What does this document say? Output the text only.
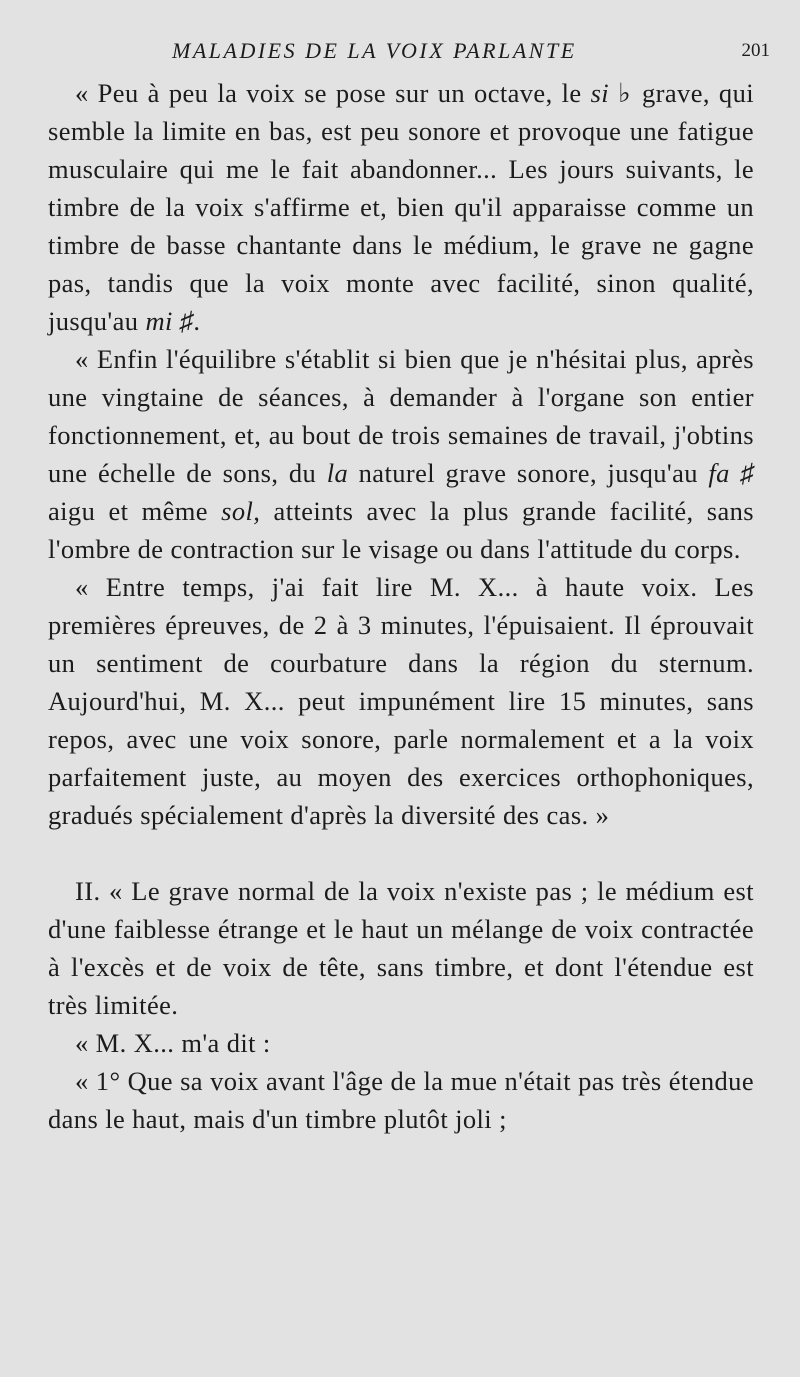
MALADIES DE LA VOIX PARLANTE	201

« Peu à peu la voix se pose sur un octave, le si ♭ grave, qui semble la limite en bas, est peu sonore et provoque une fatigue musculaire qui me le fait abandonner... Les jours suivants, le timbre de la voix s'affirme et, bien qu'il apparaisse comme un timbre de basse chantante dans le médium, le grave ne gagne pas, tandis que la voix monte avec facilité, sinon qualité, jusqu'au mi ♯.

« Enfin l'équilibre s'établit si bien que je n'hésitai plus, après une vingtaine de séances, à demander à l'organe son entier fonctionnement, et, au bout de trois semaines de travail, j'obtins une échelle de sons, du la naturel grave sonore, jusqu'au fa ♯ aigu et même sol, atteints avec la plus grande facilité, sans l'ombre de contraction sur le visage ou dans l'attitude du corps.

« Entre temps, j'ai fait lire M. X... à haute voix. Les premières épreuves, de 2 à 3 minutes, l'épuisaient. Il éprouvait un sentiment de courbature dans la région du sternum. Aujourd'hui, M. X... peut impunément lire 15 minutes, sans repos, avec une voix sonore, parle normalement et a la voix parfaitement juste, au moyen des exercices orthophoniques, gradués spécialement d'après la diversité des cas. »

II. « Le grave normal de la voix n'existe pas ; le médium est d'une faiblesse étrange et le haut un mélange de voix contractée à l'excès et de voix de tête, sans timbre, et dont l'étendue est très limitée.

« M. X... m'a dit :

« 1° Que sa voix avant l'âge de la mue n'était pas très étendue dans le haut, mais d'un timbre plutôt joli ;
